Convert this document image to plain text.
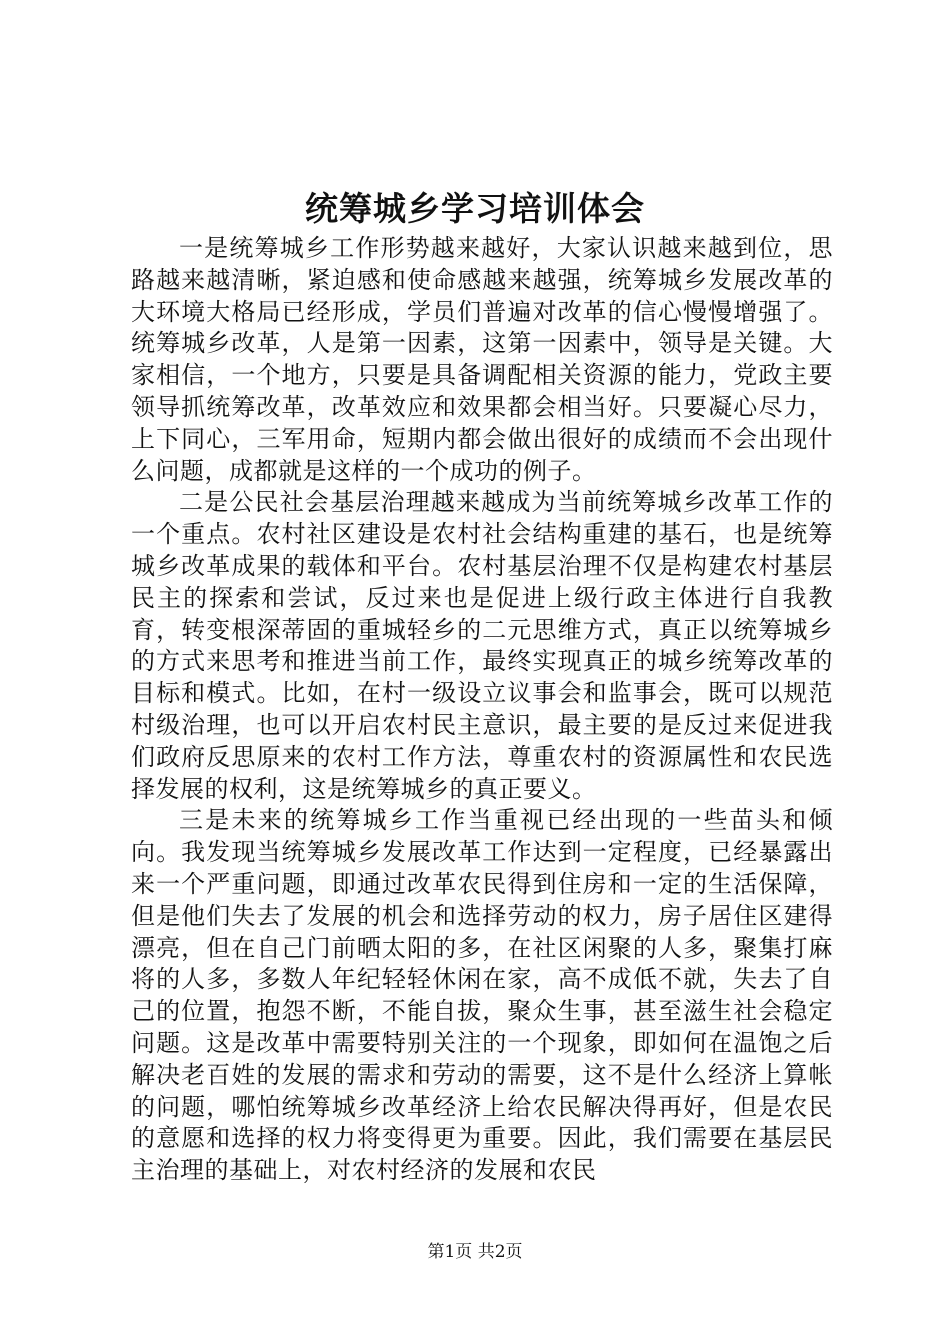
统筹城乡学习培训体会

一是统筹城乡工作形势越来越好，大家认识越来越到位，思路越来越清晰，紧迫感和使命感越来越强，统筹城乡发展改革的大环境大格局已经形成，学员们普遍对改革的信心慢慢增强了。统筹城乡改革，人是第一因素，这第一因素中，领导是关键。大家相信，一个地方，只要是具备调配相关资源的能力，党政主要领导抓统筹改革，改革效应和效果都会相当好。只要凝心尽力，上下同心，三军用命，短期内都会做出很好的成绩而不会出现什么问题，成都就是这样的一个成功的例子。

二是公民社会基层治理越来越成为当前统筹城乡改革工作的一个重点。农村社区建设是农村社会结构重建的基石，也是统筹城乡改革成果的载体和平台。农村基层治理不仅是构建农村基层民主的探索和尝试，反过来也是促进上级行政主体进行自我教育，转变根深蒂固的重城轻乡的二元思维方式，真正以统筹城乡的方式来思考和推进当前工作，最终实现真正的城乡统筹改革的目标和模式。比如，在村一级设立议事会和监事会，既可以规范村级治理，也可以开启农村民主意识，最主要的是反过来促进我们政府反思原来的农村工作方法，尊重农村的资源属性和农民选择发展的权利，这是统筹城乡的真正要义。

三是未来的统筹城乡工作当重视已经出现的一些苗头和倾向。我发现当统筹城乡发展改革工作达到一定程度，已经暴露出来一个严重问题，即通过改革农民得到住房和一定的生活保障，但是他们失去了发展的机会和选择劳动的权力，房子居住区建得漂亮，但在自己门前晒太阳的多，在社区闲聚的人多，聚集打麻将的人多，多数人年纪轻轻休闲在家，高不成低不就，失去了自己的位置，抱怨不断，不能自拔，聚众生事，甚至滋生社会稳定问题。这是改革中需要特别关注的一个现象，即如何在温饱之后解决老百姓的发展的需求和劳动的需要，这不是什么经济上算帐的问题，哪怕统筹城乡改革经济上给农民解决得再好，但是农民的意愿和选择的权力将变得更为重要。因此，我们需要在基层民主治理的基础上，对农村经济的发展和农民

第1页 共2页
